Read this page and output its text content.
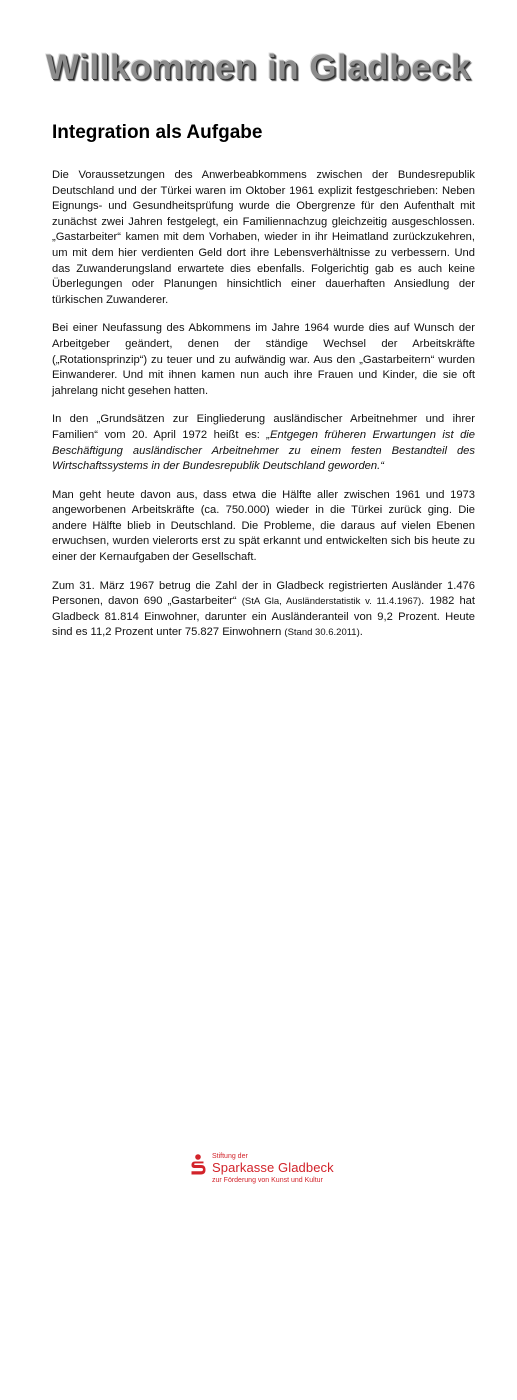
Willkommen in Gladbeck
Integration als Aufgabe

Die Voraussetzungen des Anwerbeabkommens zwischen der Bundesrepublik Deutschland und der Türkei waren im Oktober 1961 explizit festgeschrieben: Neben Eignungs- und Gesundheitsprüfung wurde die Obergrenze für den Aufenthalt mit zunächst zwei Jahren festgelegt, ein Familiennachzug gleichzeitig ausgeschlossen. „Gastarbeiter“ kamen mit dem Vorhaben, wieder in ihr Heimatland zurückzukehren, um mit dem hier verdienten Geld dort ihre Lebensverhältnisse zu verbessern. Und das Zuwanderungsland erwartete dies ebenfalls. Folgerichtig gab es auch keine Überlegungen oder Planungen hinsichtlich einer dauerhaften Ansiedlung der türkischen Zuwanderer.

Bei einer Neufassung des Abkommens im Jahre 1964 wurde dies auf Wunsch der Arbeitgeber geändert, denen der ständige Wechsel der Arbeitskräfte („Rotationsprinzip“) zu teuer und zu aufwändig war. Aus den „Gastarbeitern“ wurden Einwanderer. Und mit ihnen kamen nun auch ihre Frauen und Kinder, die sie oft jahrelang nicht gesehen hatten.

In den „Grundsätzen zur Eingliederung ausländischer Arbeitnehmer und ihrer Familien“ vom 20. April 1972 heißt es: „Entgegen früheren Erwartungen ist die Beschäftigung ausländischer Arbeitnehmer zu einem festen Bestandteil des Wirtschaftssystems in der Bundesrepublik Deutschland geworden.“

Man geht heute davon aus, dass etwa die Hälfte aller zwischen 1961 und 1973 angeworbenen Arbeitskräfte (ca. 750.000) wieder in die Türkei zurück ging. Die andere Hälfte blieb in Deutschland. Die Probleme, die daraus auf vielen Ebenen erwuchsen, wurden vielerorts erst zu spät erkannt und entwickelten sich bis heute zu einer der Kernaufgaben der Gesellschaft.

Zum 31. März 1967 betrug die Zahl der in Gladbeck registrierten Ausländer 1.476 Personen, davon 690 „Gastarbeiter“ (StA Gla, Ausländerstatistik v. 11.4.1967). 1982 hat Gladbeck 81.814 Einwohner, darunter ein Ausländeranteil von 9,2 Prozent. Heute sind es 11,2 Prozent unter 75.827 Einwohnern (Stand 30.6.2011).

Stiftung der
Sparkasse Gladbeck
zur Förderung von Kunst und Kultur
